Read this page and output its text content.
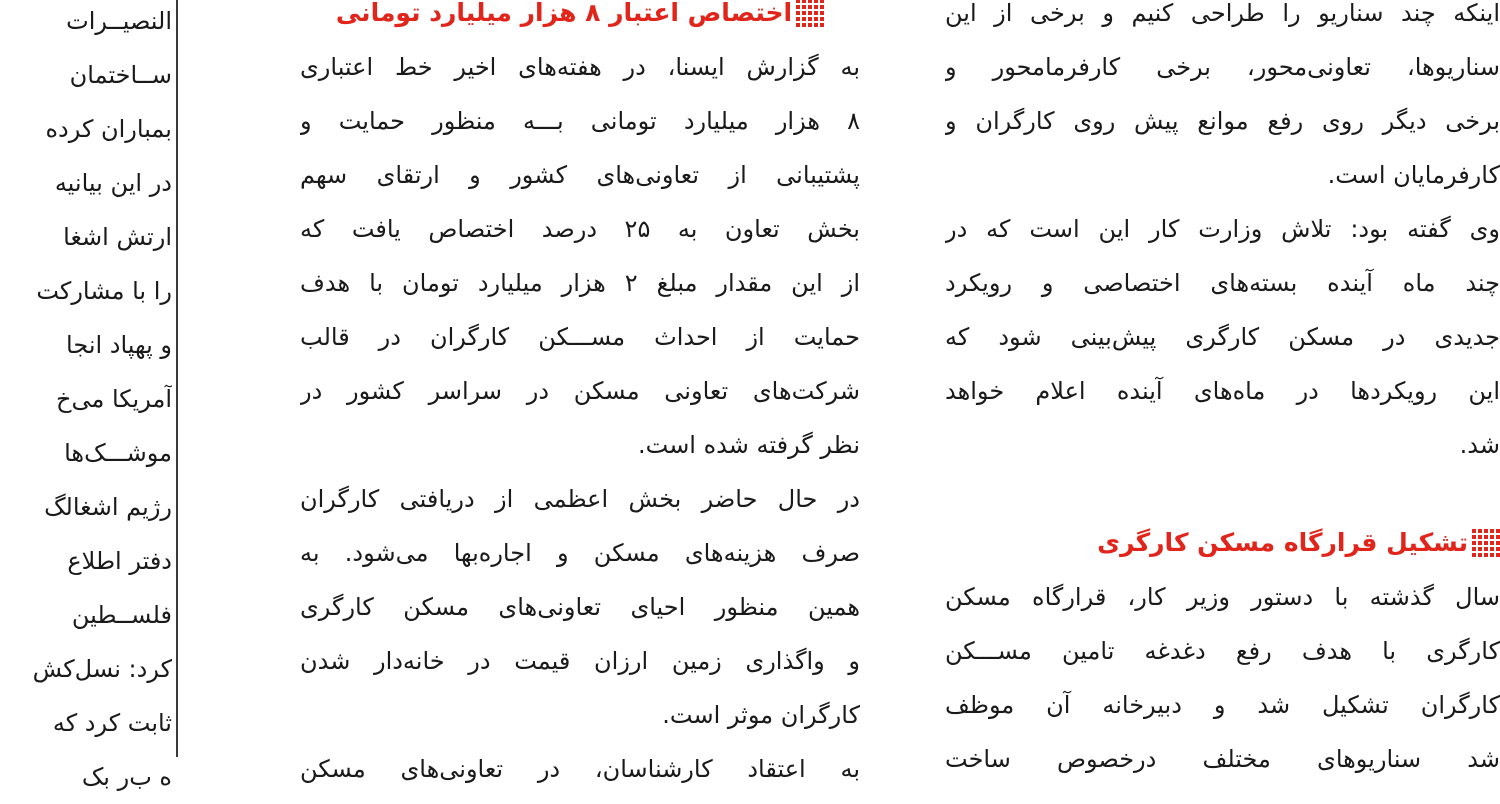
اینکه چند سناریو را طراحی کنیم و برخی از این
سناریوها، تعاونی‌محور، برخی کارفرمامحور و
برخی دیگر روی رفع موانع پیش روی کارگران و
کارفرمایان است.
وی گفته بود: تلاش وزارت کار این است که در
چند ماه آینده بسته‌های اختصاصی و رویکرد
جدیدی در مسکن کارگری پیش‌بینی شود که
این رویکردها در ماه‌های آینده اعلام خواهد
شد.
تشکیل قرارگاه مسکن کارگری
سال گذشته با دستور وزیر کار، قرارگاه مسکن
کارگری با هدف رفع دغدغه تامین مســـکن
کارگران تشکیل شد و دبیرخانه آن موظف
شد سناریوهای مختلف درخصوص ساخت
اختصاص اعتبار ۸ هزار میلیارد تومانی
به گزارش ایسنا، در هفته‌های اخیر خط اعتباری
۸ هزار میلیارد تومانی بـــه منظور حمایت و
پشتیبانی از تعاونی‌های کشور و ارتقای سهم
بخش تعاون به ۲۵ درصد اختصاص یافت که
از این مقدار مبلغ ۲ هزار میلیارد تومان با هدف
حمایت از احداث مســـکن کارگران در قالب
شرکت‌های تعاونی مسکن در سراسر کشور در
نظر گرفته شده است.
در حال حاضر بخش اعظمی از دریافتی کارگران
صرف هزینه‌های مسکن و اجاره‌بها می‌شود. به
همین منظور احیای تعاونی‌های مسکن کارگری
و واگذاری زمین ارزان قیمت در خانه‌دار شدن
کارگران موثر است.
به اعتقاد کارشناسان، در تعاونی‌های مسکن
النصیــرات
ســاختمان
بمباران کرده
در این بیانیه
ارتش اشغا
را با مشارکت
و پهپاد انجا
آمریکا می‌خ
موشـــک‌ها
رژیم اشغالگ
دفتر اطلاع‌
فلســطین
کرد: نسل‌کش
ثابت کرد که
ه‌ ب‌ر بک‌
